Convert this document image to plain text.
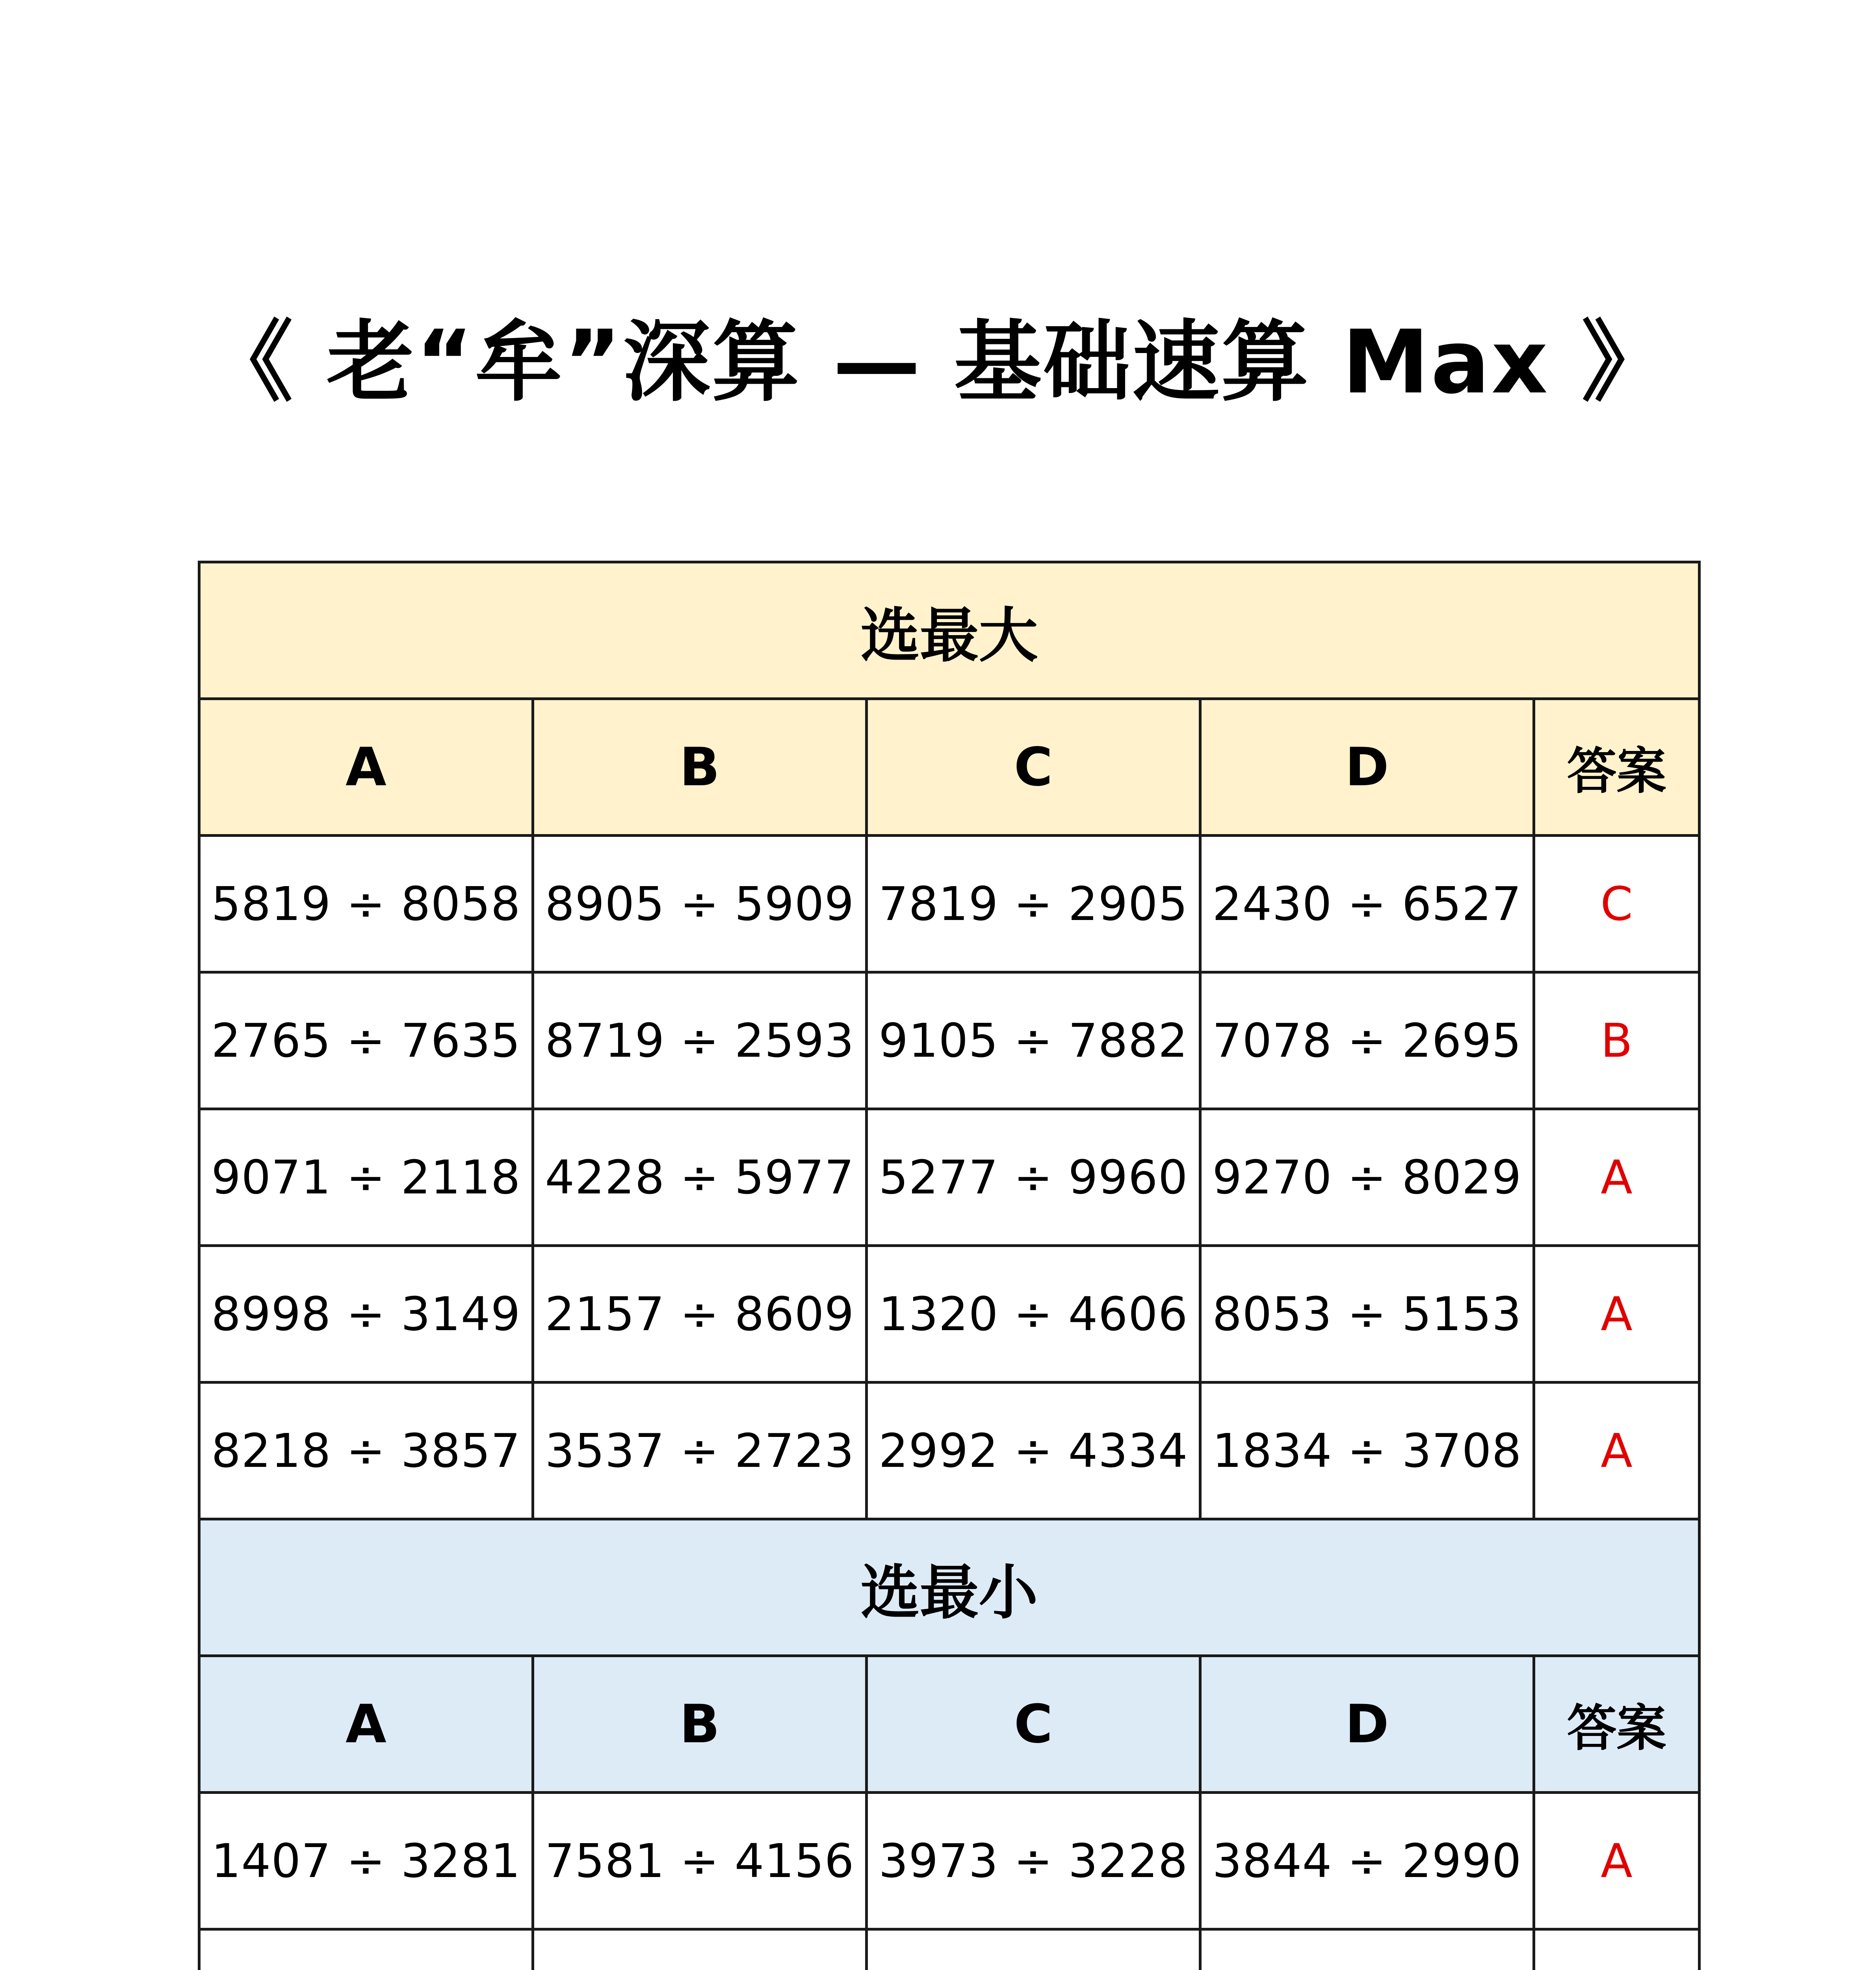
《 老“牟”深算 — 基础速算 Max 》
选最大				
A	B	C	D	答案
5819 ÷ 8058	8905 ÷ 5909	7819 ÷ 2905	2430 ÷ 6527	C
2765 ÷ 7635	8719 ÷ 2593	9105 ÷ 7882	7078 ÷ 2695	B
9071 ÷ 2118	4228 ÷ 5977	5277 ÷ 9960	9270 ÷ 8029	A
8998 ÷ 3149	2157 ÷ 8609	1320 ÷ 4606	8053 ÷ 5153	A
8218 ÷ 3857	3537 ÷ 2723	2992 ÷ 4334	1834 ÷ 3708	A
选最小				
A	B	C	D	答案
1407 ÷ 3281	7581 ÷ 4156	3973 ÷ 3228	3844 ÷ 2990	A
